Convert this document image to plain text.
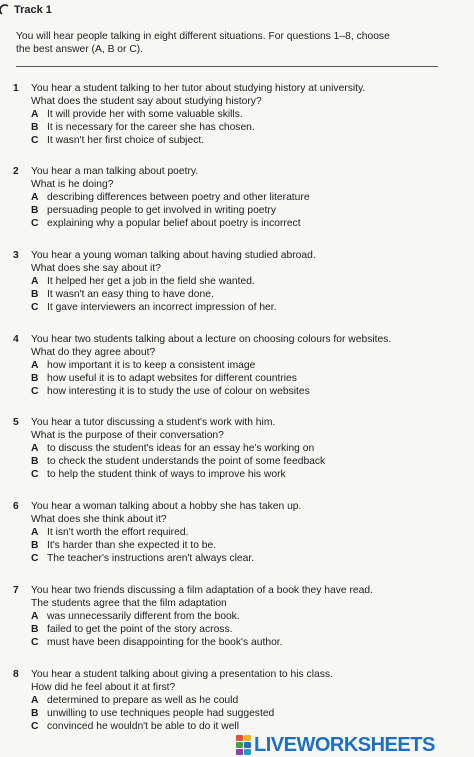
Track 1
You will hear people talking in eight different situations. For questions 1–8, choose
the best answer (A, B or C).
1 You hear a student talking to her tutor about studying history at university.
What does the student say about studying history?
A It will provide her with some valuable skills.
B It is necessary for the career she has chosen.
C It wasn't her first choice of subject.
2 You hear a man talking about poetry.
What is he doing?
A describing differences between poetry and other literature
B persuading people to get involved in writing poetry
C explaining why a popular belief about poetry is incorrect
3 You hear a young woman talking about having studied abroad.
What does she say about it?
A It helped her get a job in the field she wanted.
B It wasn't an easy thing to have done.
C It gave interviewers an incorrect impression of her.
4 You hear two students talking about a lecture on choosing colours for websites.
What do they agree about?
A how important it is to keep a consistent image
B how useful it is to adapt websites for different countries
C how interesting it is to study the use of colour on websites
5 You hear a tutor discussing a student's work with him.
What is the purpose of their conversation?
A to discuss the student's ideas for an essay he's working on
B to check the student understands the point of some feedback
C to help the student think of ways to improve his work
6 You hear a woman talking about a hobby she has taken up.
What does she think about it?
A It isn't worth the effort required.
B It's harder than she expected it to be.
C The teacher's instructions aren't always clear.
7 You hear two friends discussing a film adaptation of a book they have read.
The students agree that the film adaptation
A was unnecessarily different from the book.
B failed to get the point of the story across.
C must have been disappointing for the book's author.
8 You hear a student talking about giving a presentation to his class.
How did he feel about it at first?
A determined to prepare as well as he could
B unwilling to use techniques people had suggested
C convinced he wouldn't be able to do it well
LIVEWORKSHEETS
